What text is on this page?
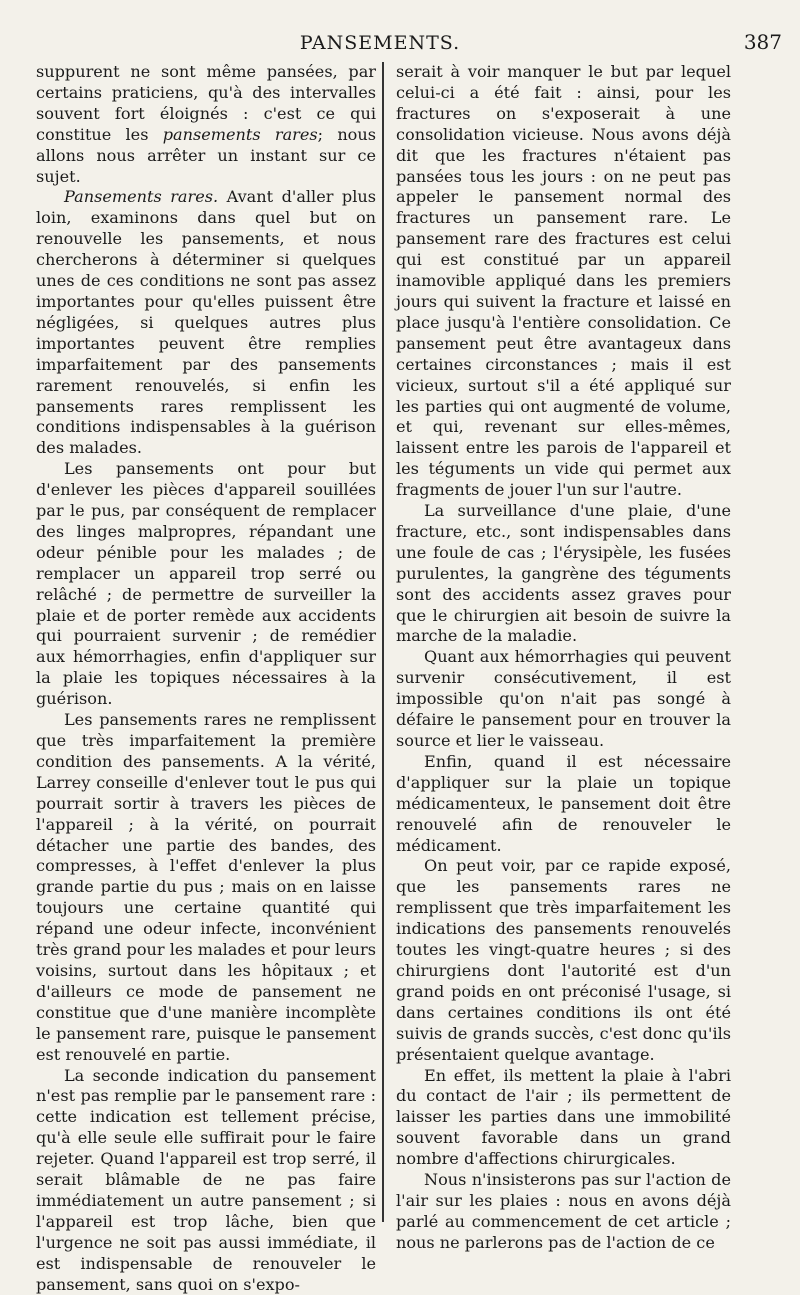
PANSEMENTS.	387

suppurent ne sont même pansées, par certains praticiens, qu'à des intervalles souvent fort éloignés : c'est ce qui constitue les pansements rares; nous allons nous arrêter un instant sur ce sujet.

Pansements rares. Avant d'aller plus loin, examinons dans quel but on renouvelle les pansements, et nous chercherons à déterminer si quelques unes de ces conditions ne sont pas assez importantes pour qu'elles puissent être négligées, si quelques autres plus importantes peuvent être remplies imparfaitement par des pansements rarement renouvelés, si enfin les pansements rares remplissent les conditions indispensables à la guérison des malades.

Les pansements ont pour but d'enlever les pièces d'appareil souillées par le pus, par conséquent de remplacer des linges malpropres, répandant une odeur pénible pour les malades ; de remplacer un appareil trop serré ou relâché ; de permettre de surveiller la plaie et de porter remède aux accidents qui pourraient survenir ; de remédier aux hémorrhagies, enfin d'appliquer sur la plaie les topiques nécessaires à la guérison.

Les pansements rares ne remplissent que très imparfaitement la première condition des pansements. A la vérité, Larrey conseille d'enlever tout le pus qui pourrait sortir à travers les pièces de l'appareil ; à la vérité, on pourrait détacher une partie des bandes, des compresses, à l'effet d'enlever la plus grande partie du pus ; mais on en laisse toujours une certaine quantité qui répand une odeur infecte, inconvénient très grand pour les malades et pour leurs voisins, surtout dans les hôpitaux ; et d'ailleurs ce mode de pansement ne constitue que d'une manière incomplète le pansement rare, puisque le pansement est renouvelé en partie.

La seconde indication du pansement n'est pas remplie par le pansement rare : cette indication est tellement précise, qu'à elle seule elle suffirait pour le faire rejeter. Quand l'appareil est trop serré, il serait blâmable de ne pas faire immédiatement un autre pansement ; si l'appareil est trop lâche, bien que l'urgence ne soit pas aussi immédiate, il est indispensable de renouveler le pansement, sans quoi on s'expo-

serait à voir manquer le but par lequel celui-ci a été fait : ainsi, pour les fractures on s'exposerait à une consolidation vicieuse. Nous avons déjà dit que les fractures n'étaient pas pansées tous les jours : on ne peut pas appeler le pansement normal des fractures un pansement rare. Le pansement rare des fractures est celui qui est constitué par un appareil inamovible appliqué dans les premiers jours qui suivent la fracture et laissé en place jusqu'à l'entière consolidation. Ce pansement peut être avantageux dans certaines circonstances ; mais il est vicieux, surtout s'il a été appliqué sur les parties qui ont augmenté de volume, et qui, revenant sur elles-mêmes, laissent entre les parois de l'appareil et les téguments un vide qui permet aux fragments de jouer l'un sur l'autre.

La surveillance d'une plaie, d'une fracture, etc., sont indispensables dans une foule de cas ; l'érysipèle, les fusées purulentes, la gangrène des téguments sont des accidents assez graves pour que le chirurgien ait besoin de suivre la marche de la maladie.

Quant aux hémorrhagies qui peuvent survenir consécutivement, il est impossible qu'on n'ait pas songé à défaire le pansement pour en trouver la source et lier le vaisseau.

Enfin, quand il est nécessaire d'appliquer sur la plaie un topique médicamenteux, le pansement doit être renouvelé afin de renouveler le médicament.

On peut voir, par ce rapide exposé, que les pansements rares ne remplissent que très imparfaitement les indications des pansements renouvelés toutes les vingt-quatre heures ; si des chirurgiens dont l'autorité est d'un grand poids en ont préconisé l'usage, si dans certaines conditions ils ont été suivis de grands succès, c'est donc qu'ils présentaient quelque avantage.

En effet, ils mettent la plaie à l'abri du contact de l'air ; ils permettent de laisser les parties dans une immobilité souvent favorable dans un grand nombre d'affections chirurgicales.

Nous n'insisterons pas sur l'action de l'air sur les plaies : nous en avons déjà parlé au commencement de cet article ; nous ne parlerons pas de l'action de ce
